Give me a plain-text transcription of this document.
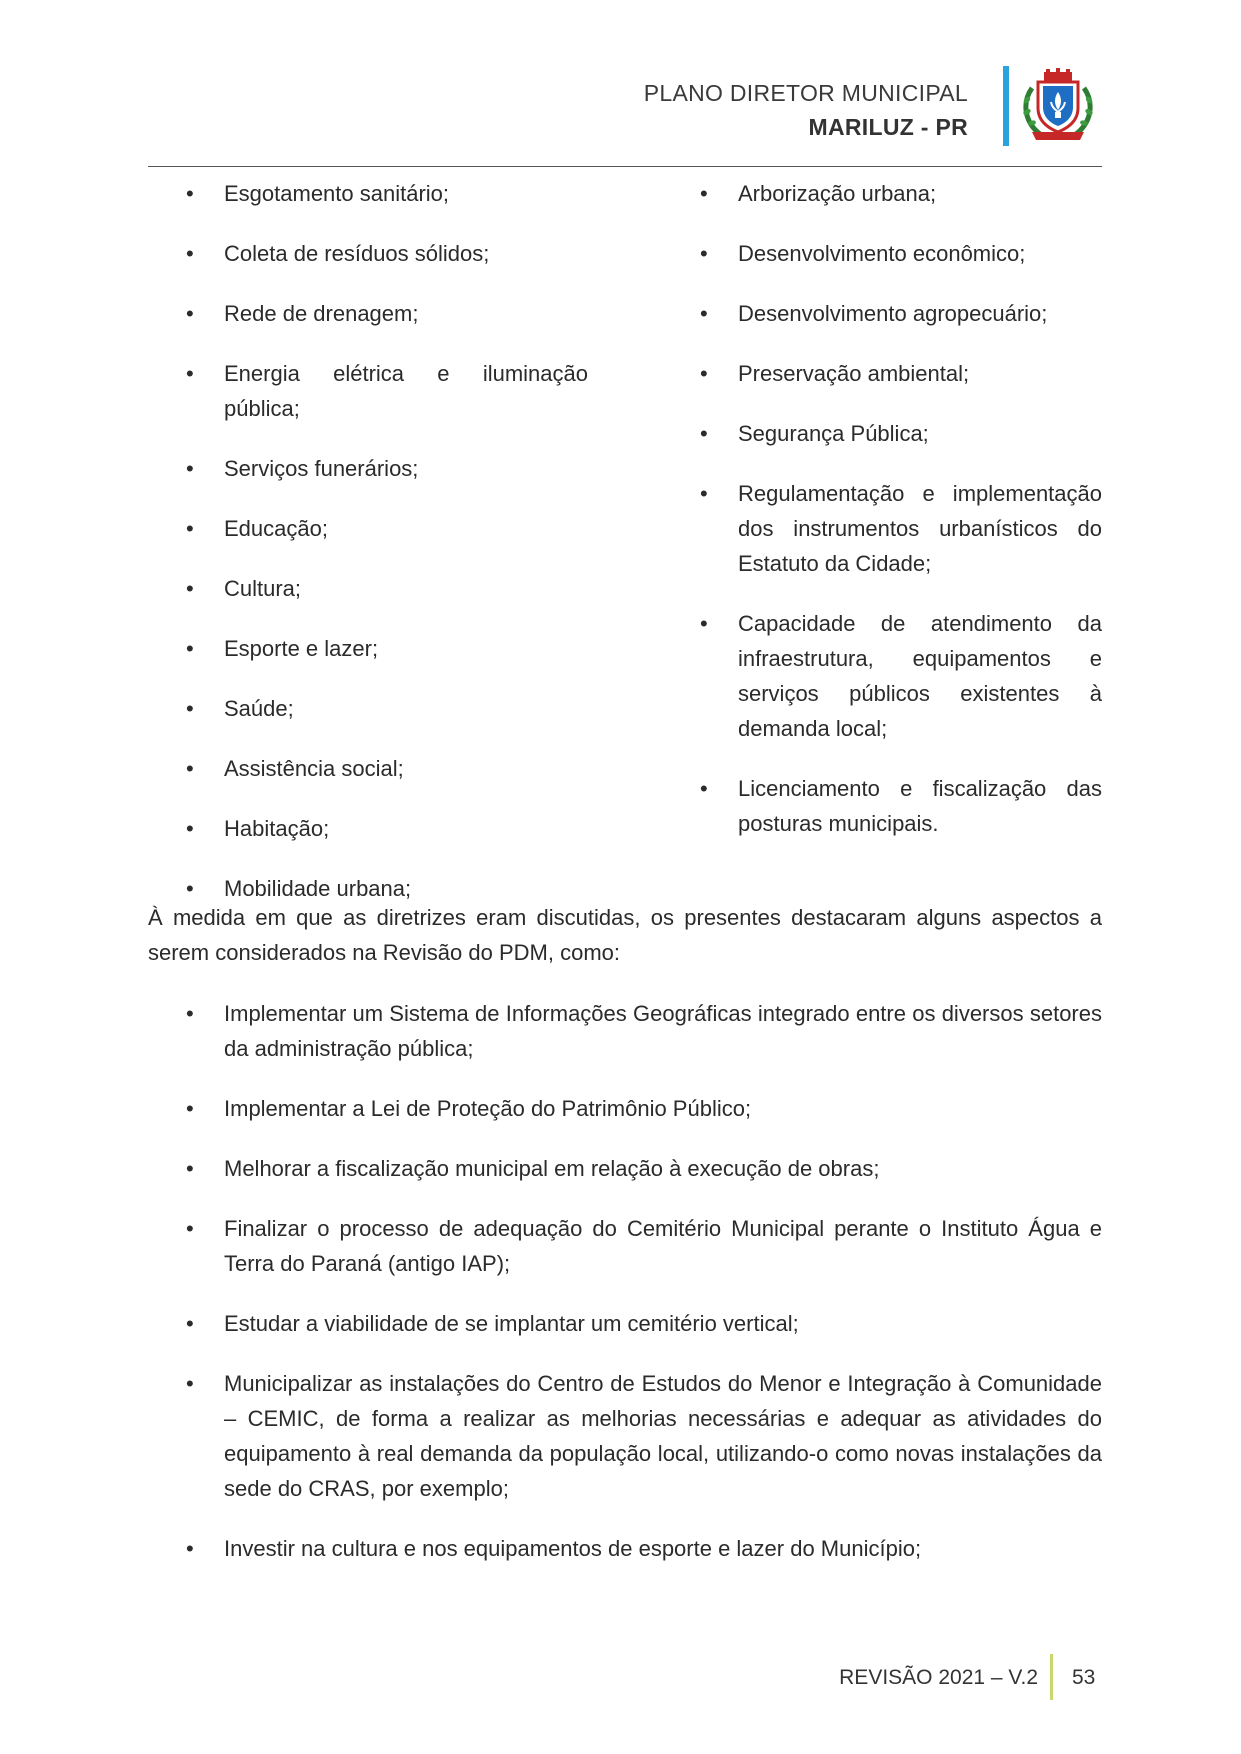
PLANO DIRETOR MUNICIPAL
MARILUZ - PR
• Esgotamento sanitário;
• Coleta de resíduos sólidos;
• Rede de drenagem;
• Energia elétrica e iluminação pública;
• Serviços funerários;
• Educação;
• Cultura;
• Esporte e lazer;
• Saúde;
• Assistência social;
• Habitação;
• Mobilidade urbana;
• Arborização urbana;
• Desenvolvimento econômico;
• Desenvolvimento agropecuário;
• Preservação ambiental;
• Segurança Pública;
• Regulamentação e implementação dos instrumentos urbanísticos do Estatuto da Cidade;
• Capacidade de atendimento da infraestrutura, equipamentos e serviços públicos existentes à demanda local;
• Licenciamento e fiscalização das posturas municipais.

À medida em que as diretrizes eram discutidas, os presentes destacaram alguns aspectos a serem considerados na Revisão do PDM, como:

• Implementar um Sistema de Informações Geográficas integrado entre os diversos setores da administração pública;
• Implementar a Lei de Proteção do Patrimônio Público;
• Melhorar a fiscalização municipal em relação à execução de obras;
• Finalizar o processo de adequação do Cemitério Municipal perante o Instituto Água e Terra do Paraná (antigo IAP);
• Estudar a viabilidade de se implantar um cemitério vertical;
• Municipalizar as instalações do Centro de Estudos do Menor e Integração à Comunidade – CEMIC, de forma a realizar as melhorias necessárias e adequar as atividades do equipamento à real demanda da população local, utilizando-o como novas instalações da sede do CRAS, por exemplo;
• Investir na cultura e nos equipamentos de esporte e lazer do Município;
REVISÃO 2021 – V.2 53
